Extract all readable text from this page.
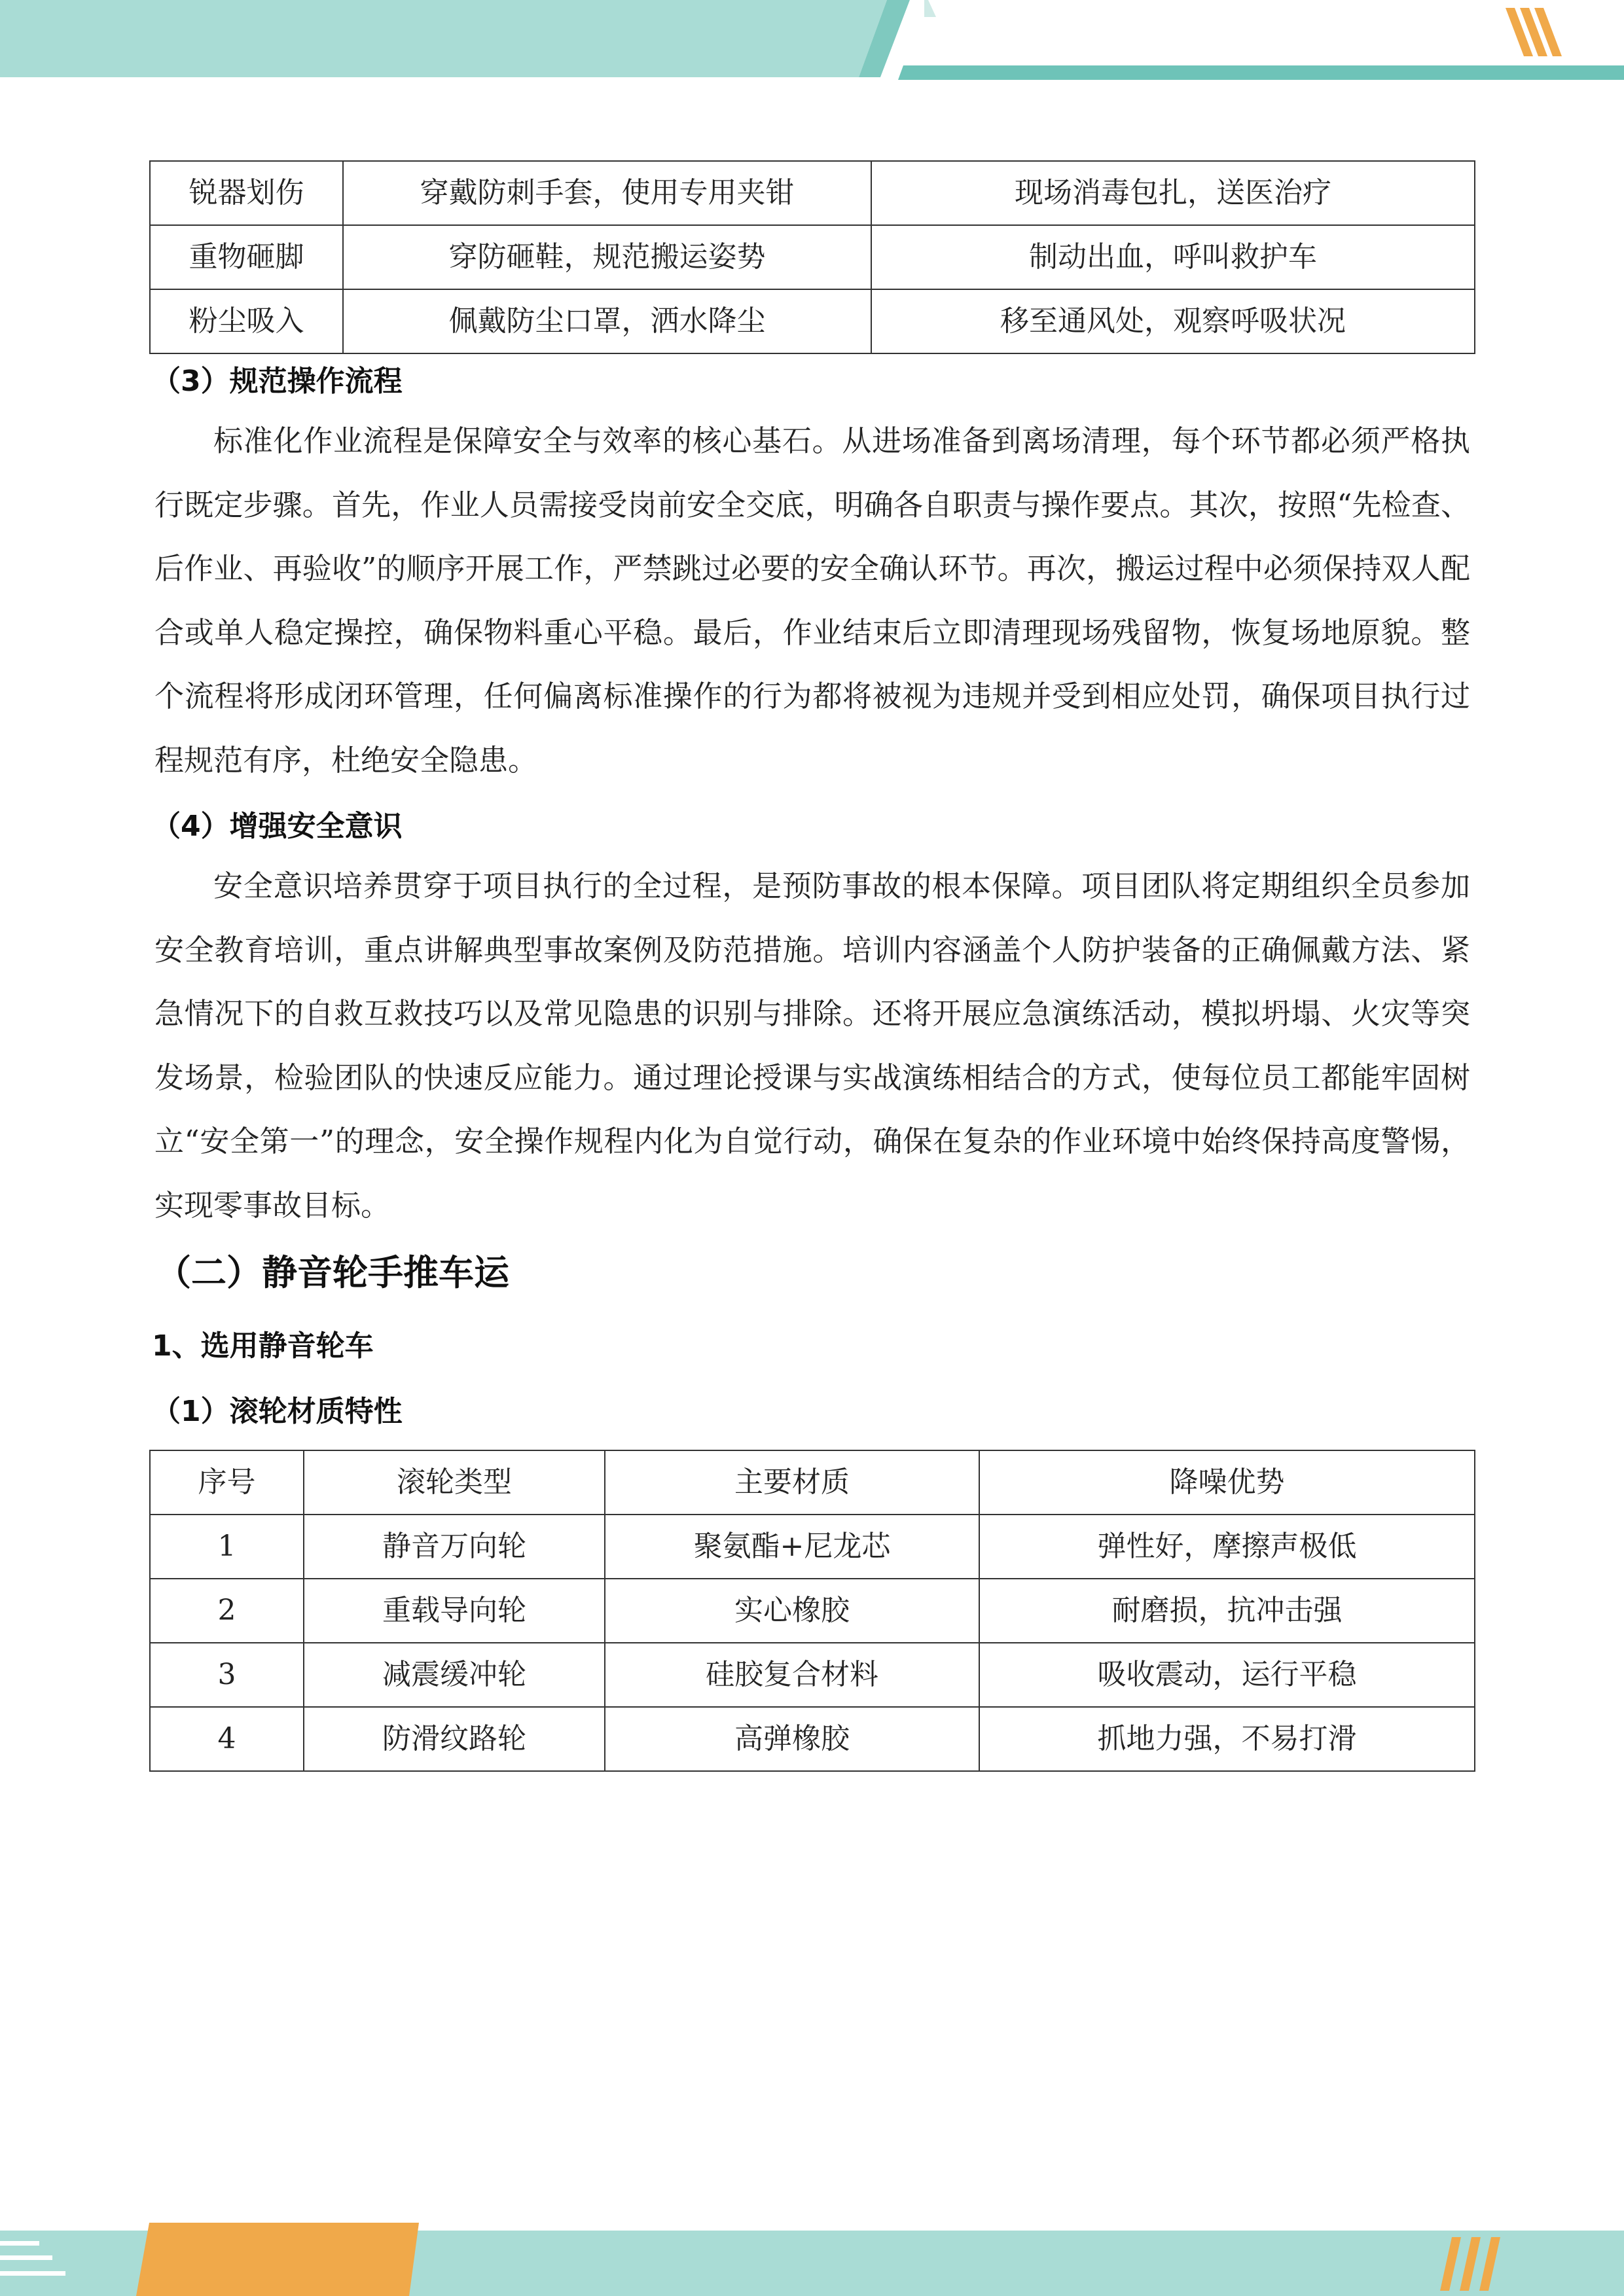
锐器划伤	穿戴防刺手套，使用专用夹钳	现场消毒包扎，送医治疗
重物砸脚	穿防砸鞋，规范搬运姿势	制动出血，呼叫救护车
粉尘吸入	佩戴防尘口罩，洒水降尘	移至通风处，观察呼吸状况
（3）规范操作流程

标准化作业流程是保障安全与效率的核心基石。从进场准备到离场清理，每个环节都必须严格执行既定步骤。首先，作业人员需接受岗前安全交底，明确各自职责与操作要点。其次，按照“先检查、后作业、再验收”的顺序开展工作，严禁跳过必要的安全确认环节。再次，搬运过程中必须保持双人配合或单人稳定操控，确保物料重心平稳。最后，作业结束后立即清理现场残留物，恢复场地原貌。整个流程将形成闭环管理，任何偏离标准操作的行为都将被视为违规并受到相应处罚，确保项目执行过程规范有序，杜绝安全隐患。

（4）增强安全意识

安全意识培养贯穿于项目执行的全过程，是预防事故的根本保障。项目团队将定期组织全员参加安全教育培训，重点讲解典型事故案例及防范措施。培训内容涵盖个人防护装备的正确佩戴方法、紧急情况下的自救互救技巧以及常见隐患的识别与排除。还将开展应急演练活动，模拟坍塌、火灾等突发场景，检验团队的快速反应能力。通过理论授课与实战演练相结合的方式，使每位员工都能牢固树立“安全第一”的理念，安全操作规程内化为自觉行动，确保在复杂的作业环境中始终保持高度警惕，实现零事故目标。

（二）静音轮手推车运
1、选用静音轮车
（1）滚轮材质特性
序号	滚轮类型	主要材质	降噪优势
1	静音万向轮	聚氨酯+尼龙芯	弹性好，摩擦声极低
2	重载导向轮	实心橡胶	耐磨损，抗冲击强
3	减震缓冲轮	硅胶复合材料	吸收震动，运行平稳
4	防滑纹路轮	高弹橡胶	抓地力强，不易打滑
